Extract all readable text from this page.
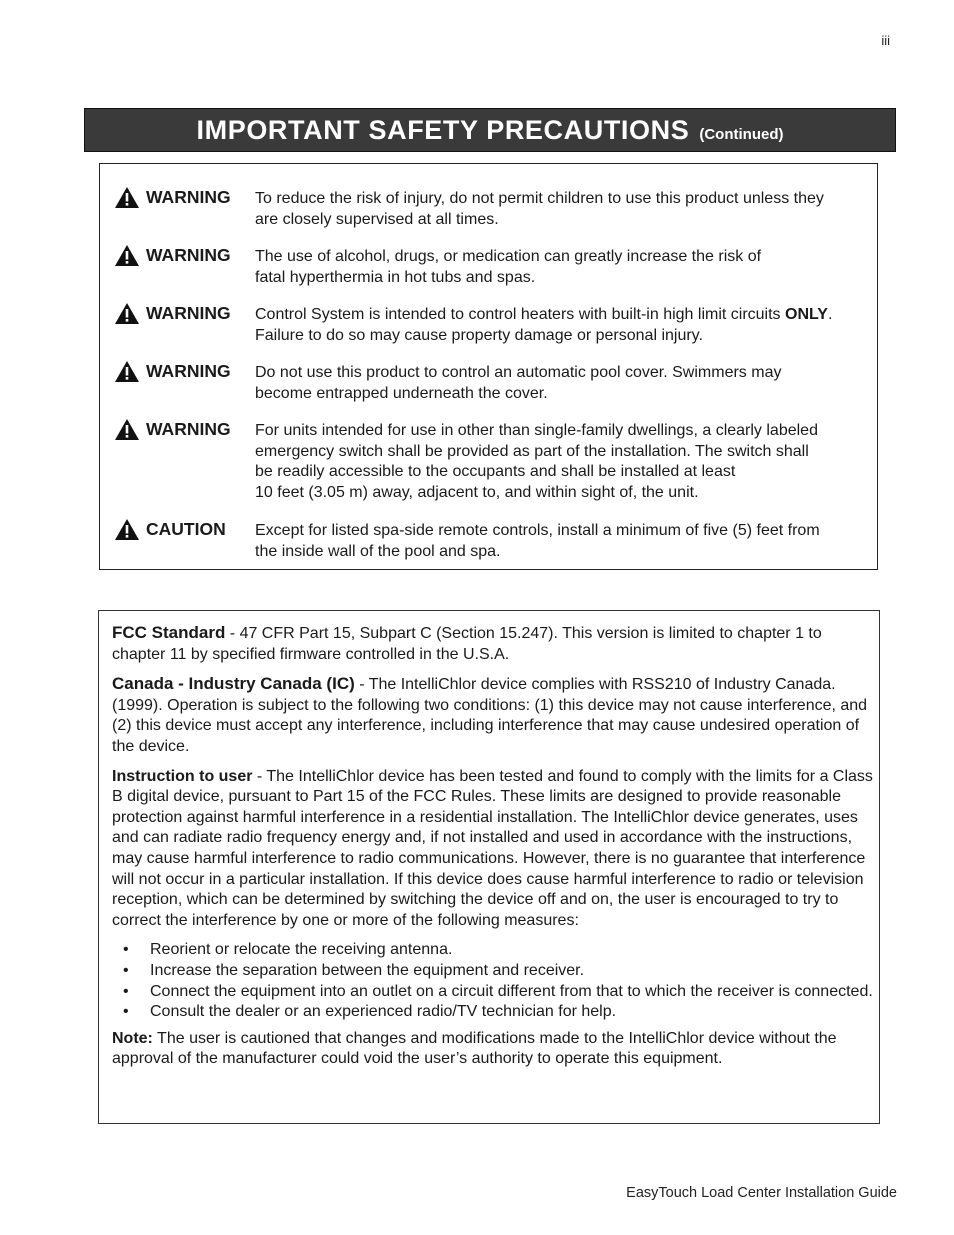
iii
IMPORTANT SAFETY PRECAUTIONS (Continued)
WARNING To reduce the risk of injury, do not permit children to use this product unless they
are closely supervised at all times.
WARNING The use of alcohol, drugs, or medication can greatly increase the risk of
fatal hyperthermia in hot tubs and spas.
WARNING Control System is intended to control heaters with built-in high limit circuits ONLY.
Failure to do so may cause property damage or personal injury.
WARNING Do not use this product to control an automatic pool cover. Swimmers may
become entrapped underneath the cover.
WARNING For units intended for use in other than single-family dwellings, a clearly labeled
emergency switch shall be provided as part of the installation. The switch shall
be readily accessible to the occupants and shall be installed at least
10 feet (3.05 m) away, adjacent to, and within sight of, the unit.
CAUTION Except for listed spa-side remote controls, install a minimum of five (5) feet from
the inside wall of the pool and spa.

FCC Standard - 47 CFR Part 15, Subpart C (Section 15.247). This version is limited to chapter 1 to chapter 11 by specified firmware controlled in the U.S.A.

Canada - Industry Canada (IC) - The IntelliChlor device complies with RSS210 of Industry Canada. (1999). Operation is subject to the following two conditions: (1) this device may not cause interference, and (2) this device must accept any interference, including interference that may cause undesired operation of the device.

Instruction to user - The IntelliChlor device has been tested and found to comply with the limits for a Class B digital device, pursuant to Part 15 of the FCC Rules. These limits are designed to provide reasonable protection against harmful interference in a residential installation. The IntelliChlor device generates, uses and can radiate radio frequency energy and, if not installed and used in accordance with the instructions, may cause harmful interference to radio communications. However, there is no guarantee that interference will not occur in a particular installation. If this device does cause harmful interference to radio or television reception, which can be determined by switching the device off and on, the user is encouraged to try to correct the interference by one or more of the following measures:

• Reorient or relocate the receiving antenna.
• Increase the separation between the equipment and receiver.
• Connect the equipment into an outlet on a circuit different from that to which the receiver is connected.
• Consult the dealer or an experienced radio/TV technician for help.

Note: The user is cautioned that changes and modifications made to the IntelliChlor device without the approval of the manufacturer could void the user’s authority to operate this equipment.

EasyTouch Load Center Installation Guide
